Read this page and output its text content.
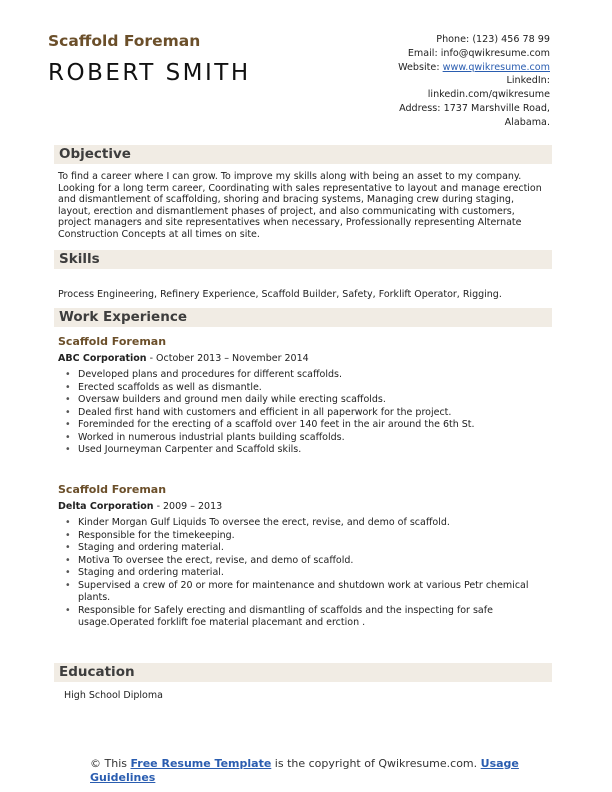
Scaffold Foreman
ROBERT SMITH
Phone: (123) 456 78 99
Email: info@qwikresume.com
Website: www.qwikresume.com
LinkedIn:
linkedin.com/qwikresume
Address: 1737 Marshville Road,
Alabama.
Objective
To find a career where I can grow. To improve my skills along with being an asset to my company. Looking for a long term career, Coordinating with sales representative to layout and manage erection and dismantlement of scaffolding, shoring and bracing systems, Managing crew during staging, layout, erection and dismantlement phases of project, and also communicating with customers, project managers and site representatives when necessary, Professionally representing Alternate Construction Concepts at all times on site.
Skills
Process Engineering, Refinery Experience, Scaffold Builder, Safety, Forklift Operator, Rigging.
Work Experience
Scaffold Foreman
ABC Corporation - October 2013 – November 2014
• Developed plans and procedures for different scaffolds.
• Erected scaffolds as well as dismantle.
• Oversaw builders and ground men daily while erecting scaffolds.
• Dealed first hand with customers and efficient in all paperwork for the project.
• Foreminded for the erecting of a scaffold over 140 feet in the air around the 6th St.
• Worked in numerous industrial plants building scaffolds.
• Used Journeyman Carpenter and Scaffold skils.
Scaffold Foreman
Delta Corporation - 2009 – 2013
• Kinder Morgan Gulf Liquids To oversee the erect, revise, and demo of scaffold.
• Responsible for the timekeeping.
• Staging and ordering material.
• Motiva To oversee the erect, revise, and demo of scaffold.
• Staging and ordering material.
• Supervised a crew of 20 or more for maintenance and shutdown work at various Petr chemical plants.
• Responsible for Safely erecting and dismantling of scaffolds and the inspecting for safe usage.Operated forklift foe material placemant and erction .
Education
High School Diploma
© This Free Resume Template is the copyright of Qwikresume.com. Usage Guidelines
